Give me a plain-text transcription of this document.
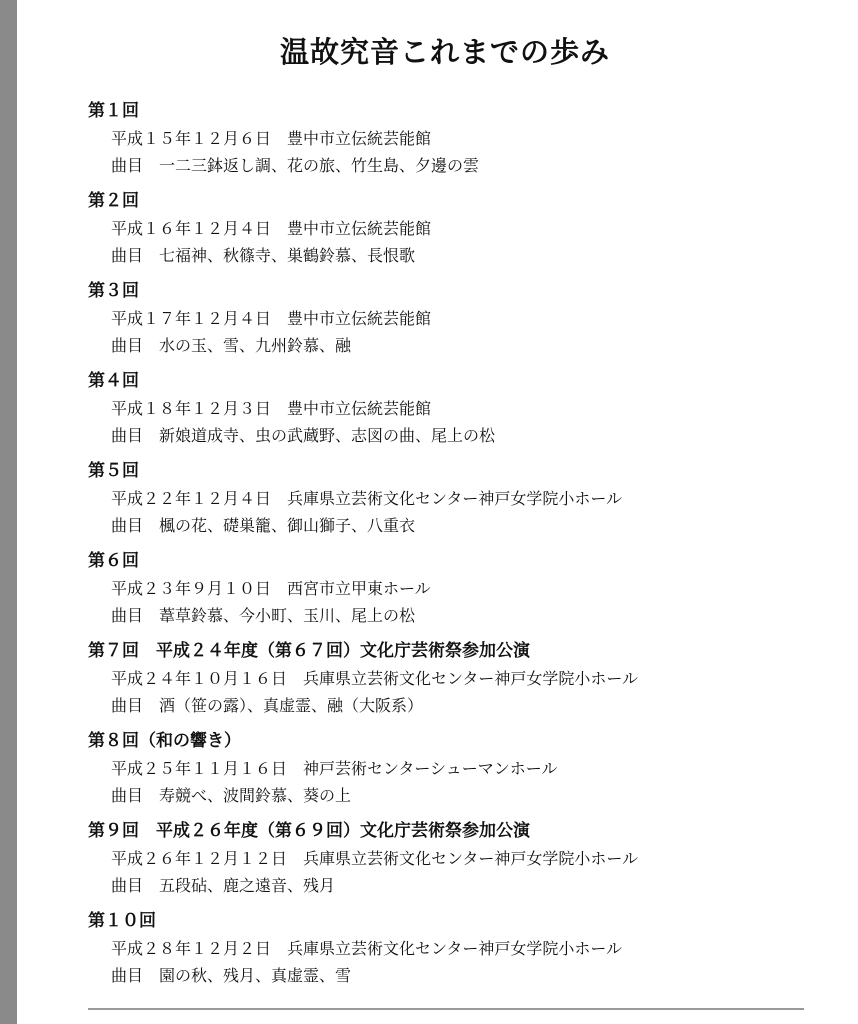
温故究音これまでの歩み
第１回
平成１５年１２月６日　豊中市立伝統芸能館
曲目　一二三鉢返し調、花の旅、竹生島、夕邊の雲
第２回
平成１６年１２月４日　豊中市立伝統芸能館
曲目　七福神、秋篠寺、巣鶴鈴慕、長恨歌
第３回
平成１７年１２月４日　豊中市立伝統芸能館
曲目　水の玉、雪、九州鈴慕、融
第４回
平成１８年１２月３日　豊中市立伝統芸能館
曲目　新娘道成寺、虫の武蔵野、志図の曲、尾上の松
第５回
平成２２年１２月４日　兵庫県立芸術文化センター神戸女学院小ホール
曲目　楓の花、礎巣籠、御山獅子、八重衣
第６回
平成２３年９月１０日　西宮市立甲東ホール
曲目　葦草鈴慕、今小町、玉川、尾上の松
第７回　平成２４年度（第６７回）文化庁芸術祭参加公演
平成２４年１０月１６日　兵庫県立芸術文化センター神戸女学院小ホール
曲目　酒（笹の露）、真虚霊、融（大阪系）
第８回（和の響き）
平成２５年１１月１６日　神戸芸術センターシューマンホール
曲目　寿競べ、波間鈴慕、葵の上
第９回　平成２６年度（第６９回）文化庁芸術祭参加公演
平成２６年１２月１２日　兵庫県立芸術文化センター神戸女学院小ホール
曲目　五段砧、鹿之遠音、残月
第１０回
平成２８年１２月２日　兵庫県立芸術文化センター神戸女学院小ホール
曲目　園の秋、残月、真虚霊、雪
